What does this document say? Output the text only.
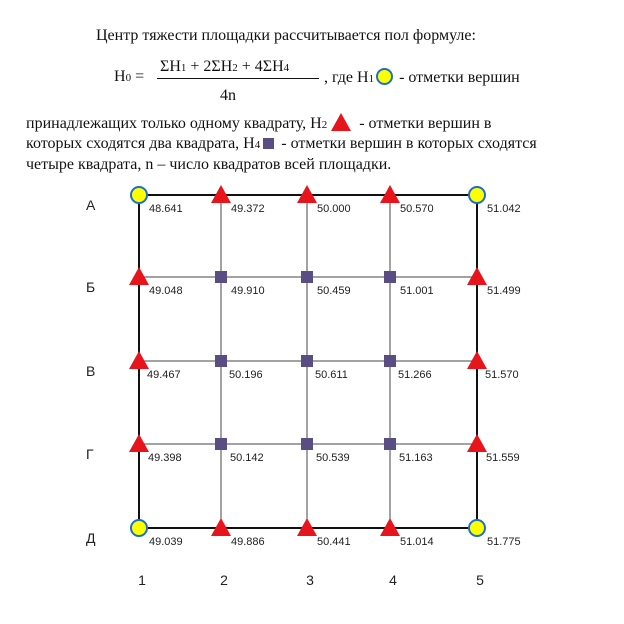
Центр тяжести площадки рассчитывается пол формуле:
H0 =
ΣH1 + 2ΣH2 + 4ΣH4
4n
, где H1 - отметки вершин
принадлежащих только одному квадрату, H2 - отметки вершин в
которых сходятся два квадрата, H4 - отметки вершин в которых сходятся
четыре квадрата, n – число квадратов всей площадки.
48.641	49.372	50.000	50.570	51.042
49.048	49.910	50.459	51.001	51.499
49.467	50.196	50.611	51.266	51.570
49.398	50.142	50.539	51.163	51.559
49.039	49.886	50.441	51.014	51.775
А
Б
В
Г
Д
1	2	3	4	5
